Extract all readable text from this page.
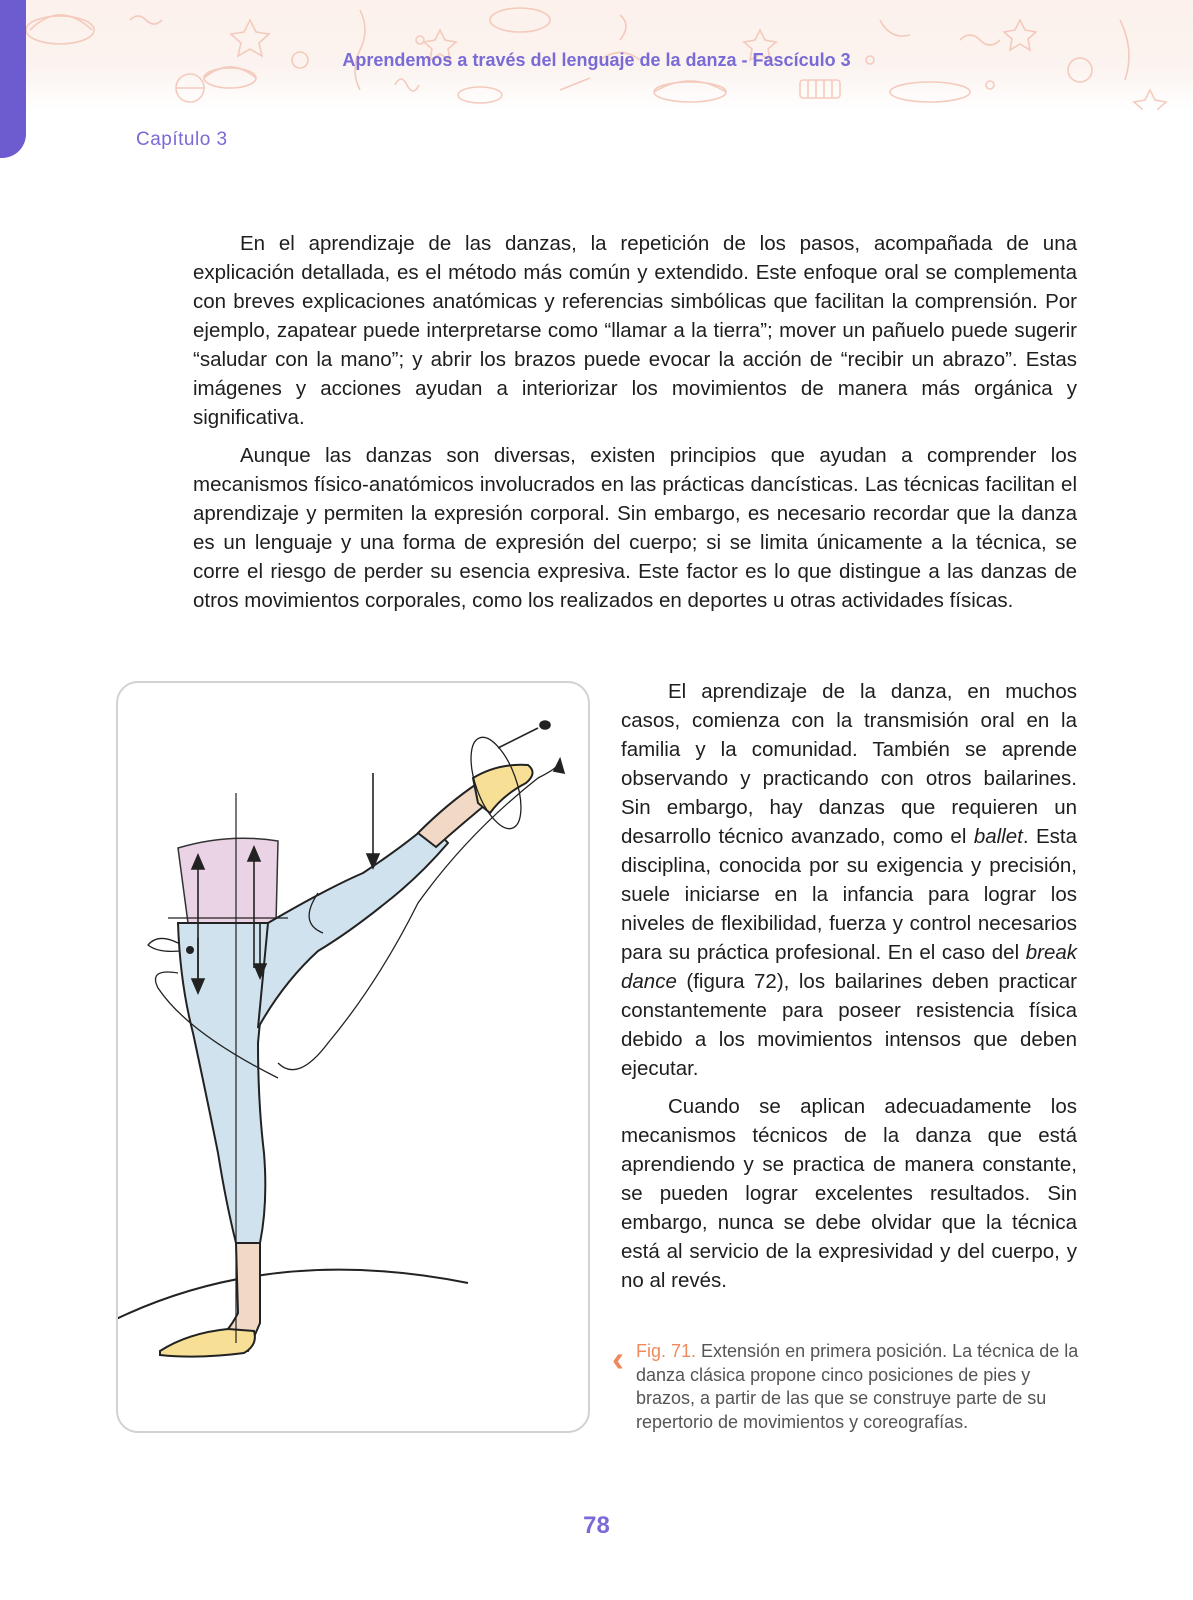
Aprendemos a través del lenguaje de la danza - Fascículo 3
Capítulo 3

En el aprendizaje de las danzas, la repetición de los pasos, acompañada de una explicación detallada, es el método más común y extendido. Este enfoque oral se complementa con breves explicaciones anatómicas y referencias simbólicas que facilitan la comprensión. Por ejemplo, zapatear puede interpretarse como “llamar a la tierra”; mover un pañuelo puede sugerir “saludar con la mano”; y abrir los brazos puede evocar la acción de “recibir un abrazo”. Estas imágenes y acciones ayudan a interiorizar los movimientos de manera más orgánica y significativa.

Aunque las danzas son diversas, existen principios que ayudan a comprender los mecanismos físico-anatómicos involucrados en las prácticas dancísticas. Las técnicas facilitan el aprendizaje y permiten la expresión corporal. Sin embargo, es necesario recordar que la danza es un lenguaje y una forma de expresión del cuerpo; si se limita únicamente a la técnica, se corre el riesgo de perder su esencia expresiva. Este factor es lo que distingue a las danzas de otros movimientos corporales, como los realizados en deportes u otras actividades físicas.

El aprendizaje de la danza, en muchos casos, comienza con la transmisión oral en la familia y la comunidad. También se aprende observando y practicando con otros bailarines. Sin embargo, hay danzas que requieren un desarrollo técnico avanzado, como el ballet. Esta disciplina, conocida por su exigencia y precisión, suele iniciarse en la infancia para lograr los niveles de flexibilidad, fuerza y control necesarios para su práctica profesional. En el caso del break dance (figura 72), los bailarines deben practicar constantemente para poseer resistencia física debido a los movimientos intensos que deben ejecutar.

Cuando se aplican adecuadamente los mecanismos técnicos de la danza que está aprendiendo y se practica de manera constante, se pueden lograr excelentes resultados. Sin embargo, nunca se debe olvidar que la técnica está al servicio de la expresividad y del cuerpo, y no al revés.

‹ Fig. 71. Extensión en primera posición. La técnica de la danza clásica propone cinco posiciones de pies y brazos, a partir de las que se construye parte de su repertorio de movimientos y coreografías.
78
